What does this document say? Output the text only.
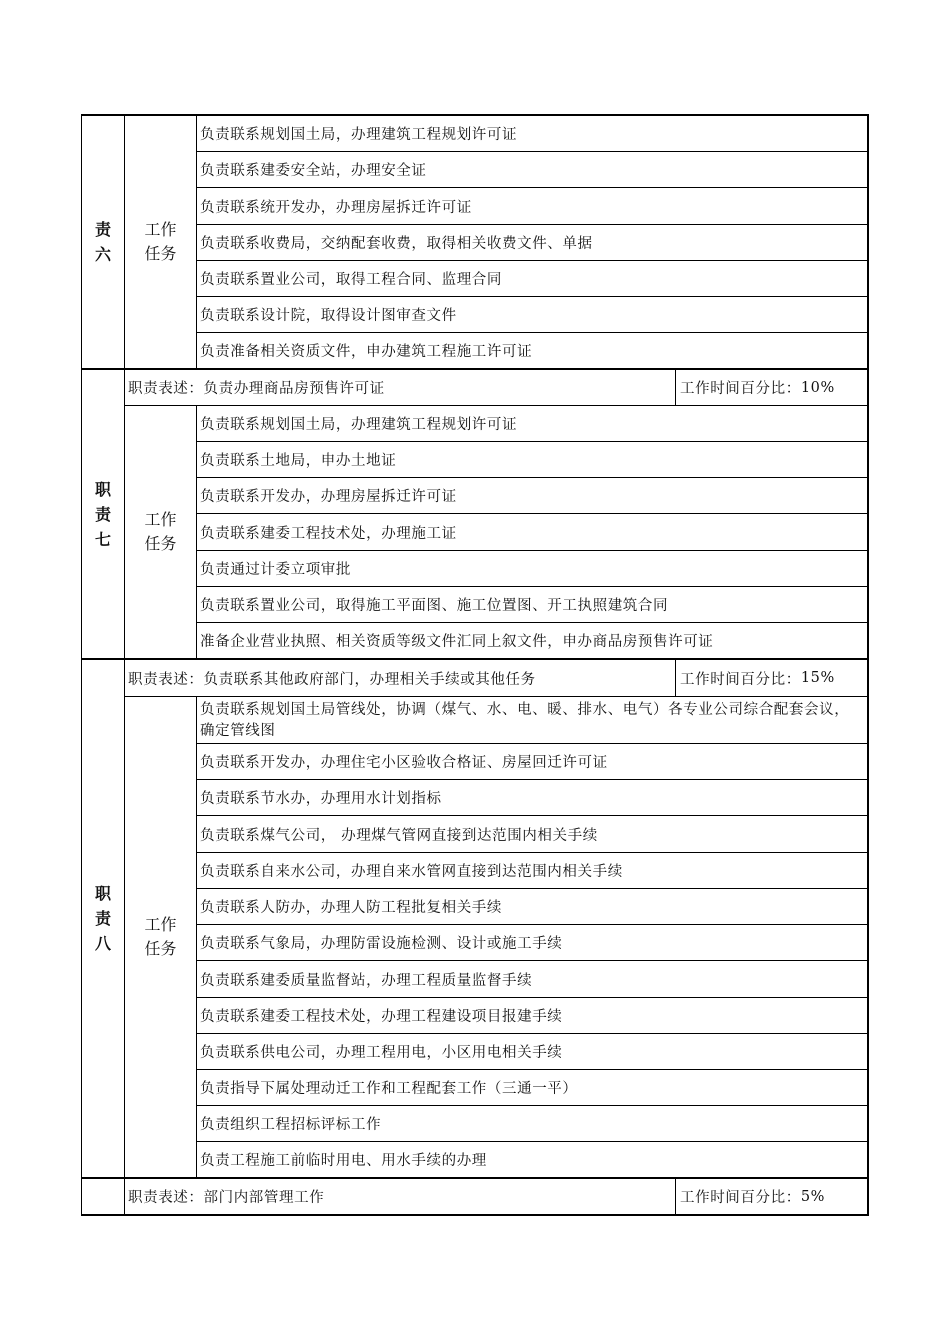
责
六
工作
任务
负责联系规划国土局，办理建筑工程规划许可证
负责联系建委安全站，办理安全证
负责联系统开发办，办理房屋拆迁许可证
负责联系收费局，交纳配套收费，取得相关收费文件、单据
负责联系置业公司，取得工程合同、监理合同
负责联系设计院，取得设计图审查文件
负责准备相关资质文件，申办建筑工程施工许可证
职
责
七
职责表述： 负责办理商品房预售许可证	工作时间百分比： 10%
工作
任务
负责联系规划国土局，办理建筑工程规划许可证
负责联系土地局，申办土地证
负责联系开发办，办理房屋拆迁许可证
负责联系建委工程技术处，办理施工证
负责通过计委立项审批
负责联系置业公司，取得施工平面图、施工位置图、开工执照建筑合同
准备企业营业执照、相关资质等级文件汇同上叙文件，申办商品房预售许可证
职
责
八
职责表述： 负责联系其他政府部门，办理相关手续或其他任务	工作时间百分比： 15%
工作
任务
负责联系规划国土局管线处，协调（煤气、水、电、暖、排水、电气）各专业公司综合配套会议，确定管线图
负责联系开发办，办理住宅小区验收合格证、房屋回迁许可证
负责联系节水办，办理用水计划指标
负责联系煤气公司， 办理煤气管网直接到达范围内相关手续
负责联系自来水公司，办理自来水管网直接到达范围内相关手续
负责联系人防办，办理人防工程批复相关手续
负责联系气象局，办理防雷设施检测、设计或施工手续
负责联系建委质量监督站，办理工程质量监督手续
负责联系建委工程技术处，办理工程建设项目报建手续
负责联系供电公司，办理工程用电，小区用电相关手续
负责指导下属处理动迁工作和工程配套工作（三通一平）
负责组织工程招标评标工作
负责工程施工前临时用电、用水手续的办理
职责表述： 部门内部管理工作	工作时间百分比： 5%
